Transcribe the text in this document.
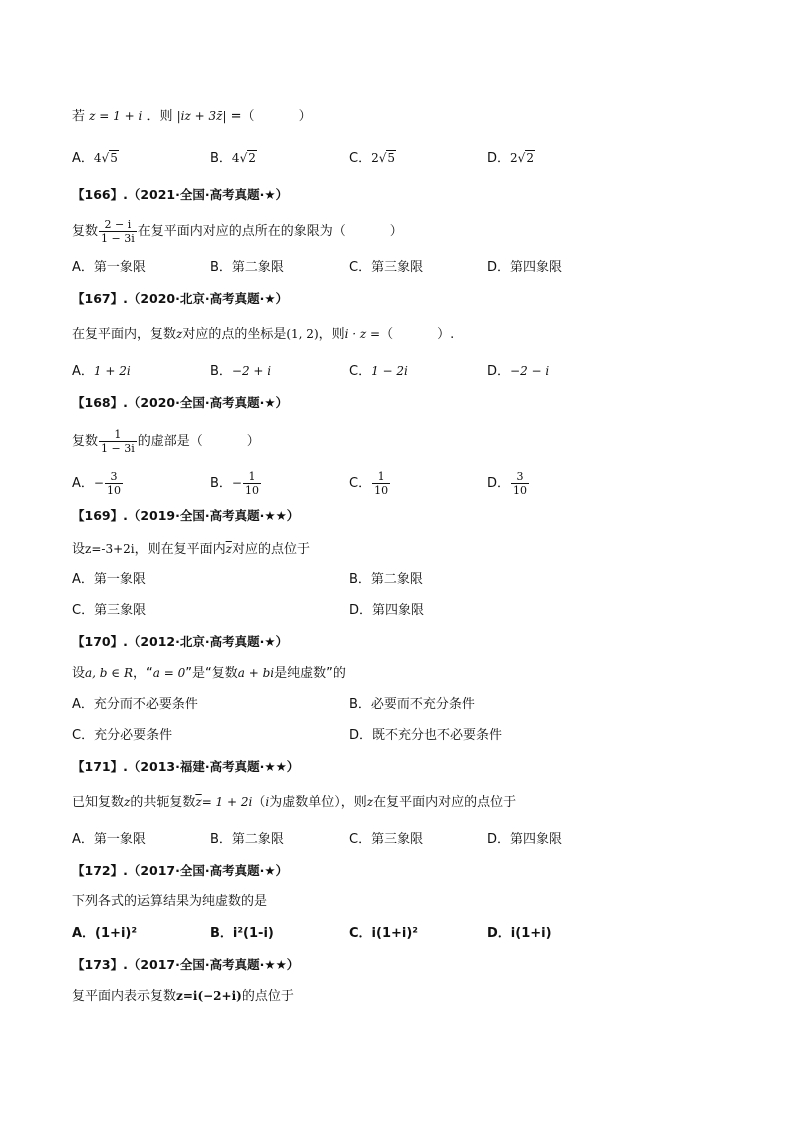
若 z = 1 + i ．则 |iz + 3z̄| =（	）
A．4√5	B．4√2	C．2√5	D．2√2
【166】.（2021·全国·高考真题·★）
复数 $\frac{2 - i}{1 - 3i}$ 在复平面内对应的点所在的象限为（	）
A．第一象限	B．第二象限	C．第三象限	D．第四象限
【167】.（2020·北京·高考真题·★）
在复平面内，复数z对应的点的坐标是(1, 2)，则i · z =（	）.
A．1 + 2i	B．−2 + i	C．1 − 2i	D．−2 − i
【168】.（2020·全国·高考真题·★）
复数 $\frac{1}{1 - 3i}$ 的虚部是（	）
A．− $\frac{3}{10}$	B．− $\frac{1}{10}$	C． $\frac{1}{10}$	D． $\frac{3}{10}$
【169】.（2019·全国·高考真题·★★）
设z=-3+2i，则在复平面内$\overline{z}$对应的点位于
A．第一象限	B．第二象限
C．第三象限	D．第四象限
【170】.（2012·北京·高考真题·★）
设a, b ∈ R，“a = 0”是“复数a + bi是纯虚数”的
A．充分而不必要条件	B．必要而不充分条件
C．充分必要条件	D．既不充分也不必要条件
【171】.（2013·福建·高考真题·★★）
已知复数z的共轭复数$\overline{z}= 1 + 2i(i$为虚数单位），则z在复平面内对应的点位于
A．第一象限	B．第二象限	C．第三象限	D．第四象限
【172】.（2017·全国·高考真题·★）
下列各式的运算结果为纯虚数的是
A．(1+i)²	B．i²(1-i)	C．i(1+i)²	D．i(1+i)
【173】.（2017·全国·高考真题·★★）
复平面内表示复数z=i(−2+i)的点位于
